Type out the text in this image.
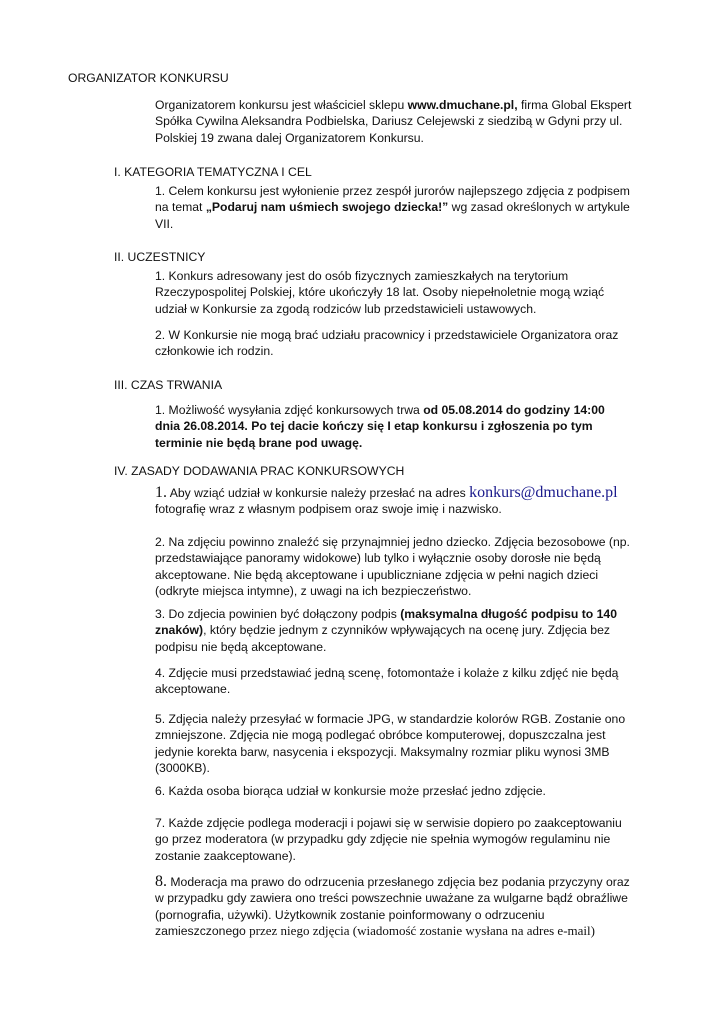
ORGANIZATOR KONKURSU
Organizatorem konkursu jest właściciel sklepu www.dmuchane.pl, firma Global Ekspert Spółka Cywilna Aleksandra Podbielska, Dariusz Celejewski z siedzibą w Gdyni przy ul. Polskiej 19 zwana dalej Organizatorem Konkursu.
I. KATEGORIA TEMATYCZNA I CEL
1. Celem konkursu jest wyłonienie przez zespół jurorów najlepszego zdjęcia z podpisem na temat „Podaruj nam uśmiech swojego dziecka!” wg zasad określonych w artykule VII.
II. UCZESTNICY
1. Konkurs adresowany jest do osób fizycznych zamieszkałych na terytorium Rzeczypospolitej Polskiej, które ukończyły 18 lat. Osoby niepełnoletnie mogą wziąć udział w Konkursie za zgodą rodziców lub przedstawicieli ustawowych.
2. W Konkursie nie mogą brać udziału pracownicy i przedstawiciele Organizatora oraz członkowie ich rodzin.
III. CZAS TRWANIA
1. Możliwość wysyłania zdjęć konkursowych trwa od 05.08.2014 do godziny 14:00 dnia 26.08.2014. Po tej dacie kończy się I etap konkursu i zgłoszenia po tym terminie nie będą brane pod uwagę.
IV. ZASADY DODAWANIA PRAC KONKURSOWYCH
1. Aby wziąć udział w konkursie należy przesłać na adres konkurs@dmuchane.pl fotografię wraz z własnym podpisem oraz swoje imię i nazwisko.
2. Na zdjęciu powinno znaleźć się przynajmniej jedno dziecko. Zdjęcia bezosobowe (np. przedstawiające panoramy widokowe) lub tylko i wyłącznie osoby dorosłe nie będą akceptowane. Nie będą akceptowane i upubliczniane zdjęcia w pełni nagich dzieci (odkryte miejsca intymne), z uwagi na ich bezpieczeństwo.
3. Do zdjecia powinien być dołączony podpis (maksymalna długość podpisu to 140 znaków), który będzie jednym z czynników wpływających na ocenę jury. Zdjęcia bez podpisu nie będą akceptowane.
4. Zdjęcie musi przedstawiać jedną scenę, fotomontaże i kolaże z kilku zdjęć nie będą akceptowane.
5. Zdjęcia należy przesyłać w formacie JPG, w standardzie kolorów RGB. Zostanie ono zmniejszone. Zdjęcia nie mogą podlegać obróbce komputerowej, dopuszczalna jest jedynie korekta barw, nasycenia i ekspozycji. Maksymalny rozmiar pliku wynosi 3MB (3000KB).
6. Każda osoba biorąca udział w konkursie może przesłać jedno zdjęcie.
7. Każde zdjęcie podlega moderacji i pojawi się w serwisie dopiero po zaakceptowaniu go przez moderatora (w przypadku gdy zdjęcie nie spełnia wymogów regulaminu nie zostanie zaakceptowane).
8. Moderacja ma prawo do odrzucenia przesłanego zdjęcia bez podania przyczyny oraz w przypadku gdy zawiera ono treści powszechnie uważane za wulgarne bądź obraźliwe (pornografia, używki). Użytkownik zostanie poinformowany o odrzuceniu zamieszczonego przez niego zdjęcia (wiadomość zostanie wysłana na adres e-mail)
